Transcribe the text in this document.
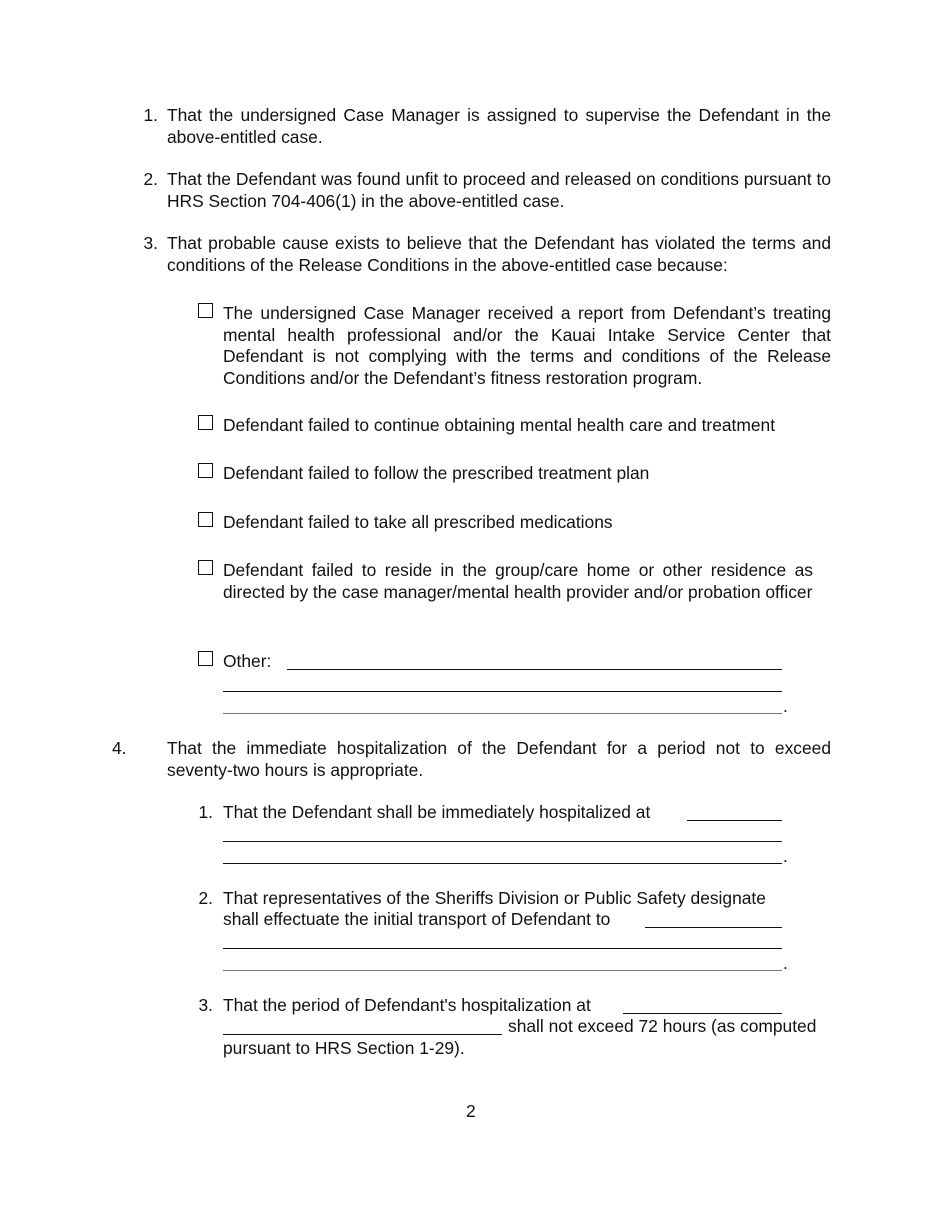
1. That the undersigned Case Manager is assigned to supervise the Defendant in the above-entitled case.
2. That the Defendant was found unfit to proceed and released on conditions pursuant to HRS Section 704-406(1) in the above-entitled case.
3. That probable cause exists to believe that the Defendant has violated the terms and conditions of the Release Conditions in the above-entitled case because:
The undersigned Case Manager received a report from Defendant’s treating mental health professional and/or the Kauai Intake Service Center that Defendant is not complying with the terms and conditions of the Release Conditions and/or the Defendant’s fitness restoration program.
Defendant failed to continue obtaining mental health care and treatment
Defendant failed to follow the prescribed treatment plan
Defendant failed to take all prescribed medications
Defendant failed to reside in the group/care home or other residence as directed by the case manager/mental health provider and/or probation officer
Other:
.
4. That the immediate hospitalization of the Defendant for a period not to exceed seventy-two hours is appropriate.
1. That the Defendant shall be immediately hospitalized at
.
2. That representatives of the Sheriffs Division or Public Safety designate
shall effectuate the initial transport of Defendant to
.
3. That the period of Defendant's hospitalization at
shall not exceed 72 hours (as computed
pursuant to HRS Section 1-29).
2
